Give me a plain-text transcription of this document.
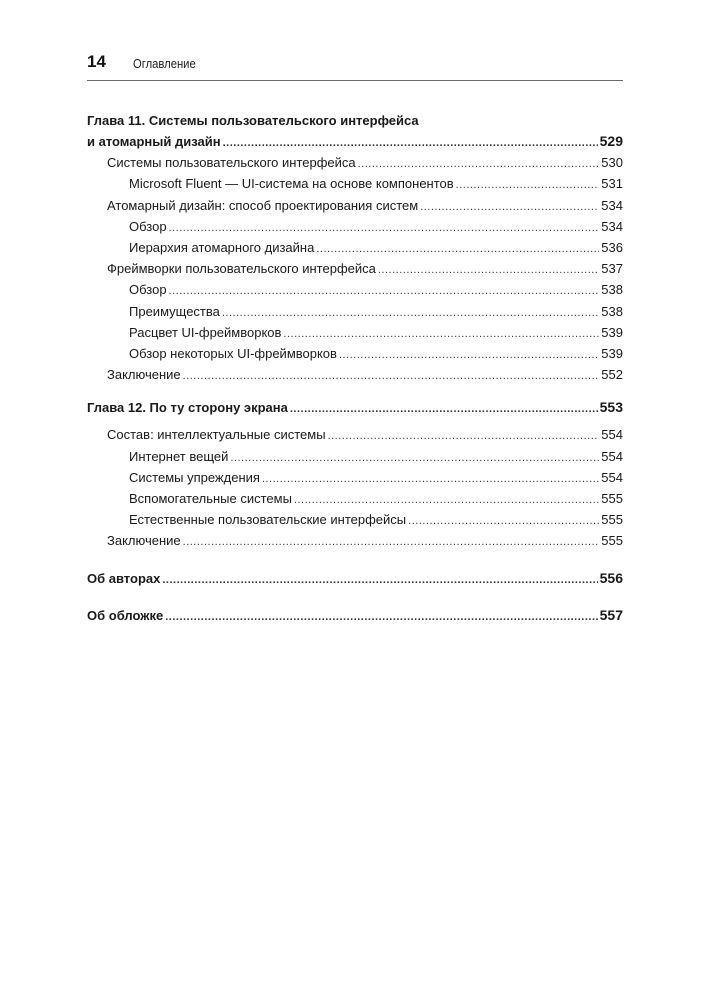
14 Оглавление
Глава 11. Системы пользовательского интерфейса
и атомарный дизайн .....	529
Системы пользовательского интерфейса .....	530
Microsoft Fluent — UI-система на основе компонентов .....	531
Атомарный дизайн: способ проектирования систем .....	534
Обзор .....	534
Иерархия атомарного дизайна .....	536
Фреймворки пользовательского интерфейса .....	537
Обзор .....	538
Преимущества .....	538
Расцвет UI-фреймворков .....	539
Обзор некоторых UI-фреймворков .....	539
Заключение .....	552
Глава 12. По ту сторону экрана .....	553
Состав: интеллектуальные системы .....	554
Интернет вещей .....	554
Системы упреждения .....	554
Вспомогательные системы .....	555
Естественные пользовательские интерфейсы .....	555
Заключение .....	555
Об авторах .....	556
Об обложке .....	557
